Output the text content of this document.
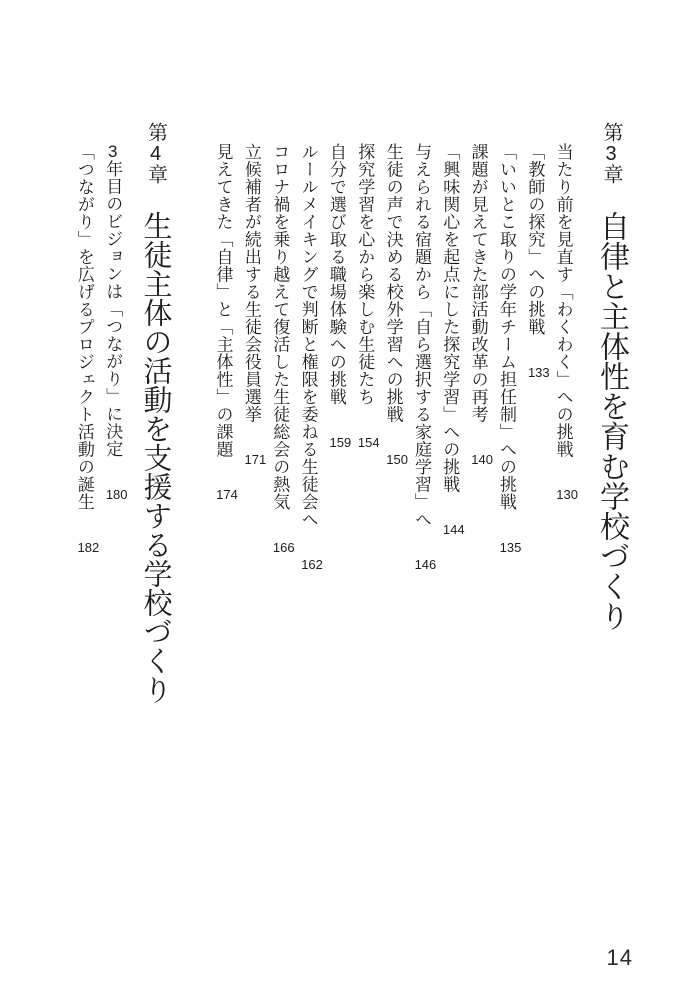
第3章 自律と主体性を育む学校づくり
当たり前を見直す「わくわく」への挑戦 130
「教師の探究」への挑戦 133
「いいとこ取りの学年チーム担任制」への挑戦 135
課題が見えてきた部活動改革の再考 140
「興味関心を起点にした探究学習」への挑戦 144
与えられる宿題から「自ら選択する家庭学習」へ 146
生徒の声で決める校外学習への挑戦 150
探究学習を心から楽しむ生徒たち 154
自分で選び取る職場体験への挑戦 159
ルールメイキングで判断と権限を委ねる生徒会へ 162
コロナ禍を乗り越えて復活した生徒総会の熱気 166
立候補者が続出する生徒会役員選挙 171
見えてきた「自律」と「主体性」の課題 174
第4章 生徒主体の活動を支援する学校づくり
3年目のビジョンは「つながり」に決定 180
「つながり」を広げるプロジェクト活動の誕生 182
14
